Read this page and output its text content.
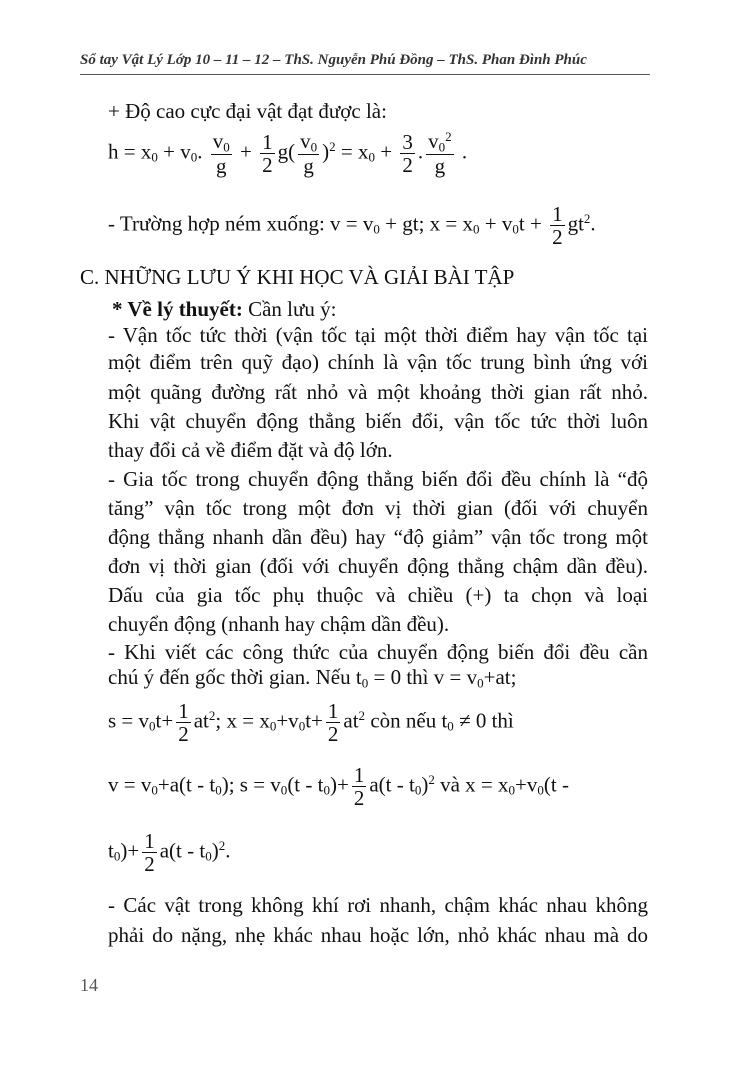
Sổ tay Vật Lý Lớp 10 – 11 – 12 – ThS. Nguyễn Phú Đồng – ThS. Phan Đình Phúc
+ Độ cao cực đại vật đạt được là:
$h = x_0 + v_0$. $\frac{v_0}{g} + \frac{1}{2} g( \frac{v_0}{g} )^2 = x_0 + \frac{3}{2}$ . $\frac{v_0^2}{g}$ .
- Trường hợp ném xuống: $v = v_0$ + gt; $x = x_0 + v_0t + \frac{1}{2} gt^2$.
C. NHỮNG LƯU Ý KHI HỌC VÀ GIẢI BÀI TẬP
* Về lý thuyết: Cần lưu ý:
chú ý đến gốc thời gian. Nếu $t_0 = 0$ thì $v = v_0+at$;
$s = v_0t+ \frac{1}{2} at^2$; $x = x_0+v_0t+ \frac{1}{2} at^2$ còn nếu $t_0 \ne 0$ thì
$v = v_0+a(t - t_0)$; $s = v_0(t - t_0)+ \frac{1}{2} a(t - t_0)^2$ và $x = x_0+v_0(t$ -
$t_0)+ \frac{1}{2} a(t - t_0)^2$.
- Các vật trong không khí rơi nhanh, chậm khác nhau không
phải do nặng, nhẹ khác nhau hoặc lớn, nhỏ khác nhau mà do
14
- Vận tốc tức thời (vận tốc tại một thời điểm hay vận tốc tại
một điểm trên quỹ đạo) chính là vận tốc trung bình ứng với
một quãng đường rất nhỏ và một khoảng thời gian rất nhỏ.
Khi vật chuyển động thẳng biến đổi, vận tốc tức thời luôn
thay đổi cả về điểm đặt và độ lớn.
- Gia tốc trong chuyển động thẳng biến đổi đều chính là “độ
tăng” vận tốc trong một đơn vị thời gian (đối với chuyển
động thẳng nhanh dần đều) hay “độ giảm” vận tốc trong một
đơn vị thời gian (đối với chuyển động thẳng chậm dần đều).
Dấu của gia tốc phụ thuộc và chiều (+) ta chọn và loại
chuyển động (nhanh hay chậm dần đều).
- Khi viết các công thức của chuyển động biến đổi đều cần
